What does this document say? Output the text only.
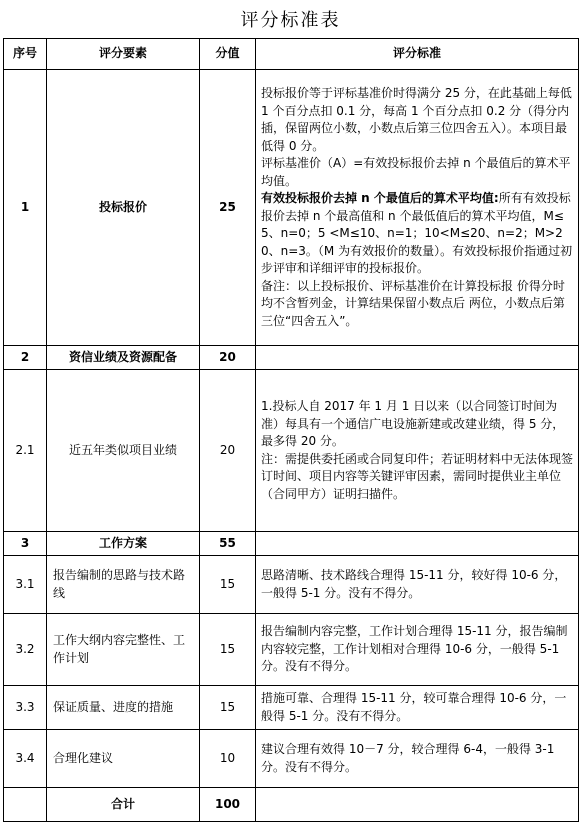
评分标准表
序号	评分要素	分值	评分标准
1	投标报价	25	投标报价等于评标基准价时得满分 25 分，在此基础上每低 1 个百分点扣 0.1 分，每高 1 个百分点扣 0.2 分（得分内插，保留两位小数，小数点后第三位四舍五入）。本项目最低得 0 分。

评标基准价（A）=有效投标报价去掉 n 个最值后的算术平均值。

有效投标报价去掉 n 个最值后的算术平均值:所有有效投标报价去掉 n 个最高值和 n 个最低值后的算术平均值，M≤5、n=0；5 <M≤10、n=1；10<M≤20、n=2；M>20、n=3。（M 为有效报价的数量）。有效投标报价指通过初步评审和详细评审的投标报价。

备注：以上投标报价、评标基准价在计算投标报 价得分时均不含暂列金，计算结果保留小数点后 两位，小数点后第三位“四舍五入”。

2	资信业绩及资源配备	20	
2.1	近五年类似项目业绩	20	1.投标人自 2017 年 1 月 1 日以来（以合同签订时间为准）每具有一个通信广电设施新建或改建业绩，得 5 分，最多得 20 分。

注：需提供委托函或合同复印件；若证明材料中无法体现签订时间、项目内容等关键评审因素，需同时提供业主单位（合同甲方）证明扫描件。

3	工作方案	55	
3.1	报告编制的思路与技术路线	15	思路清晰、技术路线合理得 15-11 分，较好得 10-6 分，一般得 5-1 分。没有不得分。

3.2	工作大纲内容完整性、工作计划	15	报告编制内容完整，工作计划合理得 15-11 分，报告编制内容较完整，工作计划相对合理得 10-6 分，一般得 5-1 分。没有不得分。

3.3	保证质量、进度的措施	15	措施可靠、合理得 15-11 分，较可靠合理得 10-6 分，一般得 5-1 分。没有不得分。

3.4	合理化建议	10	建议合理有效得 10－7 分，较合理得 6-4，一般得 3-1 分。没有不得分。

	合计	100	
